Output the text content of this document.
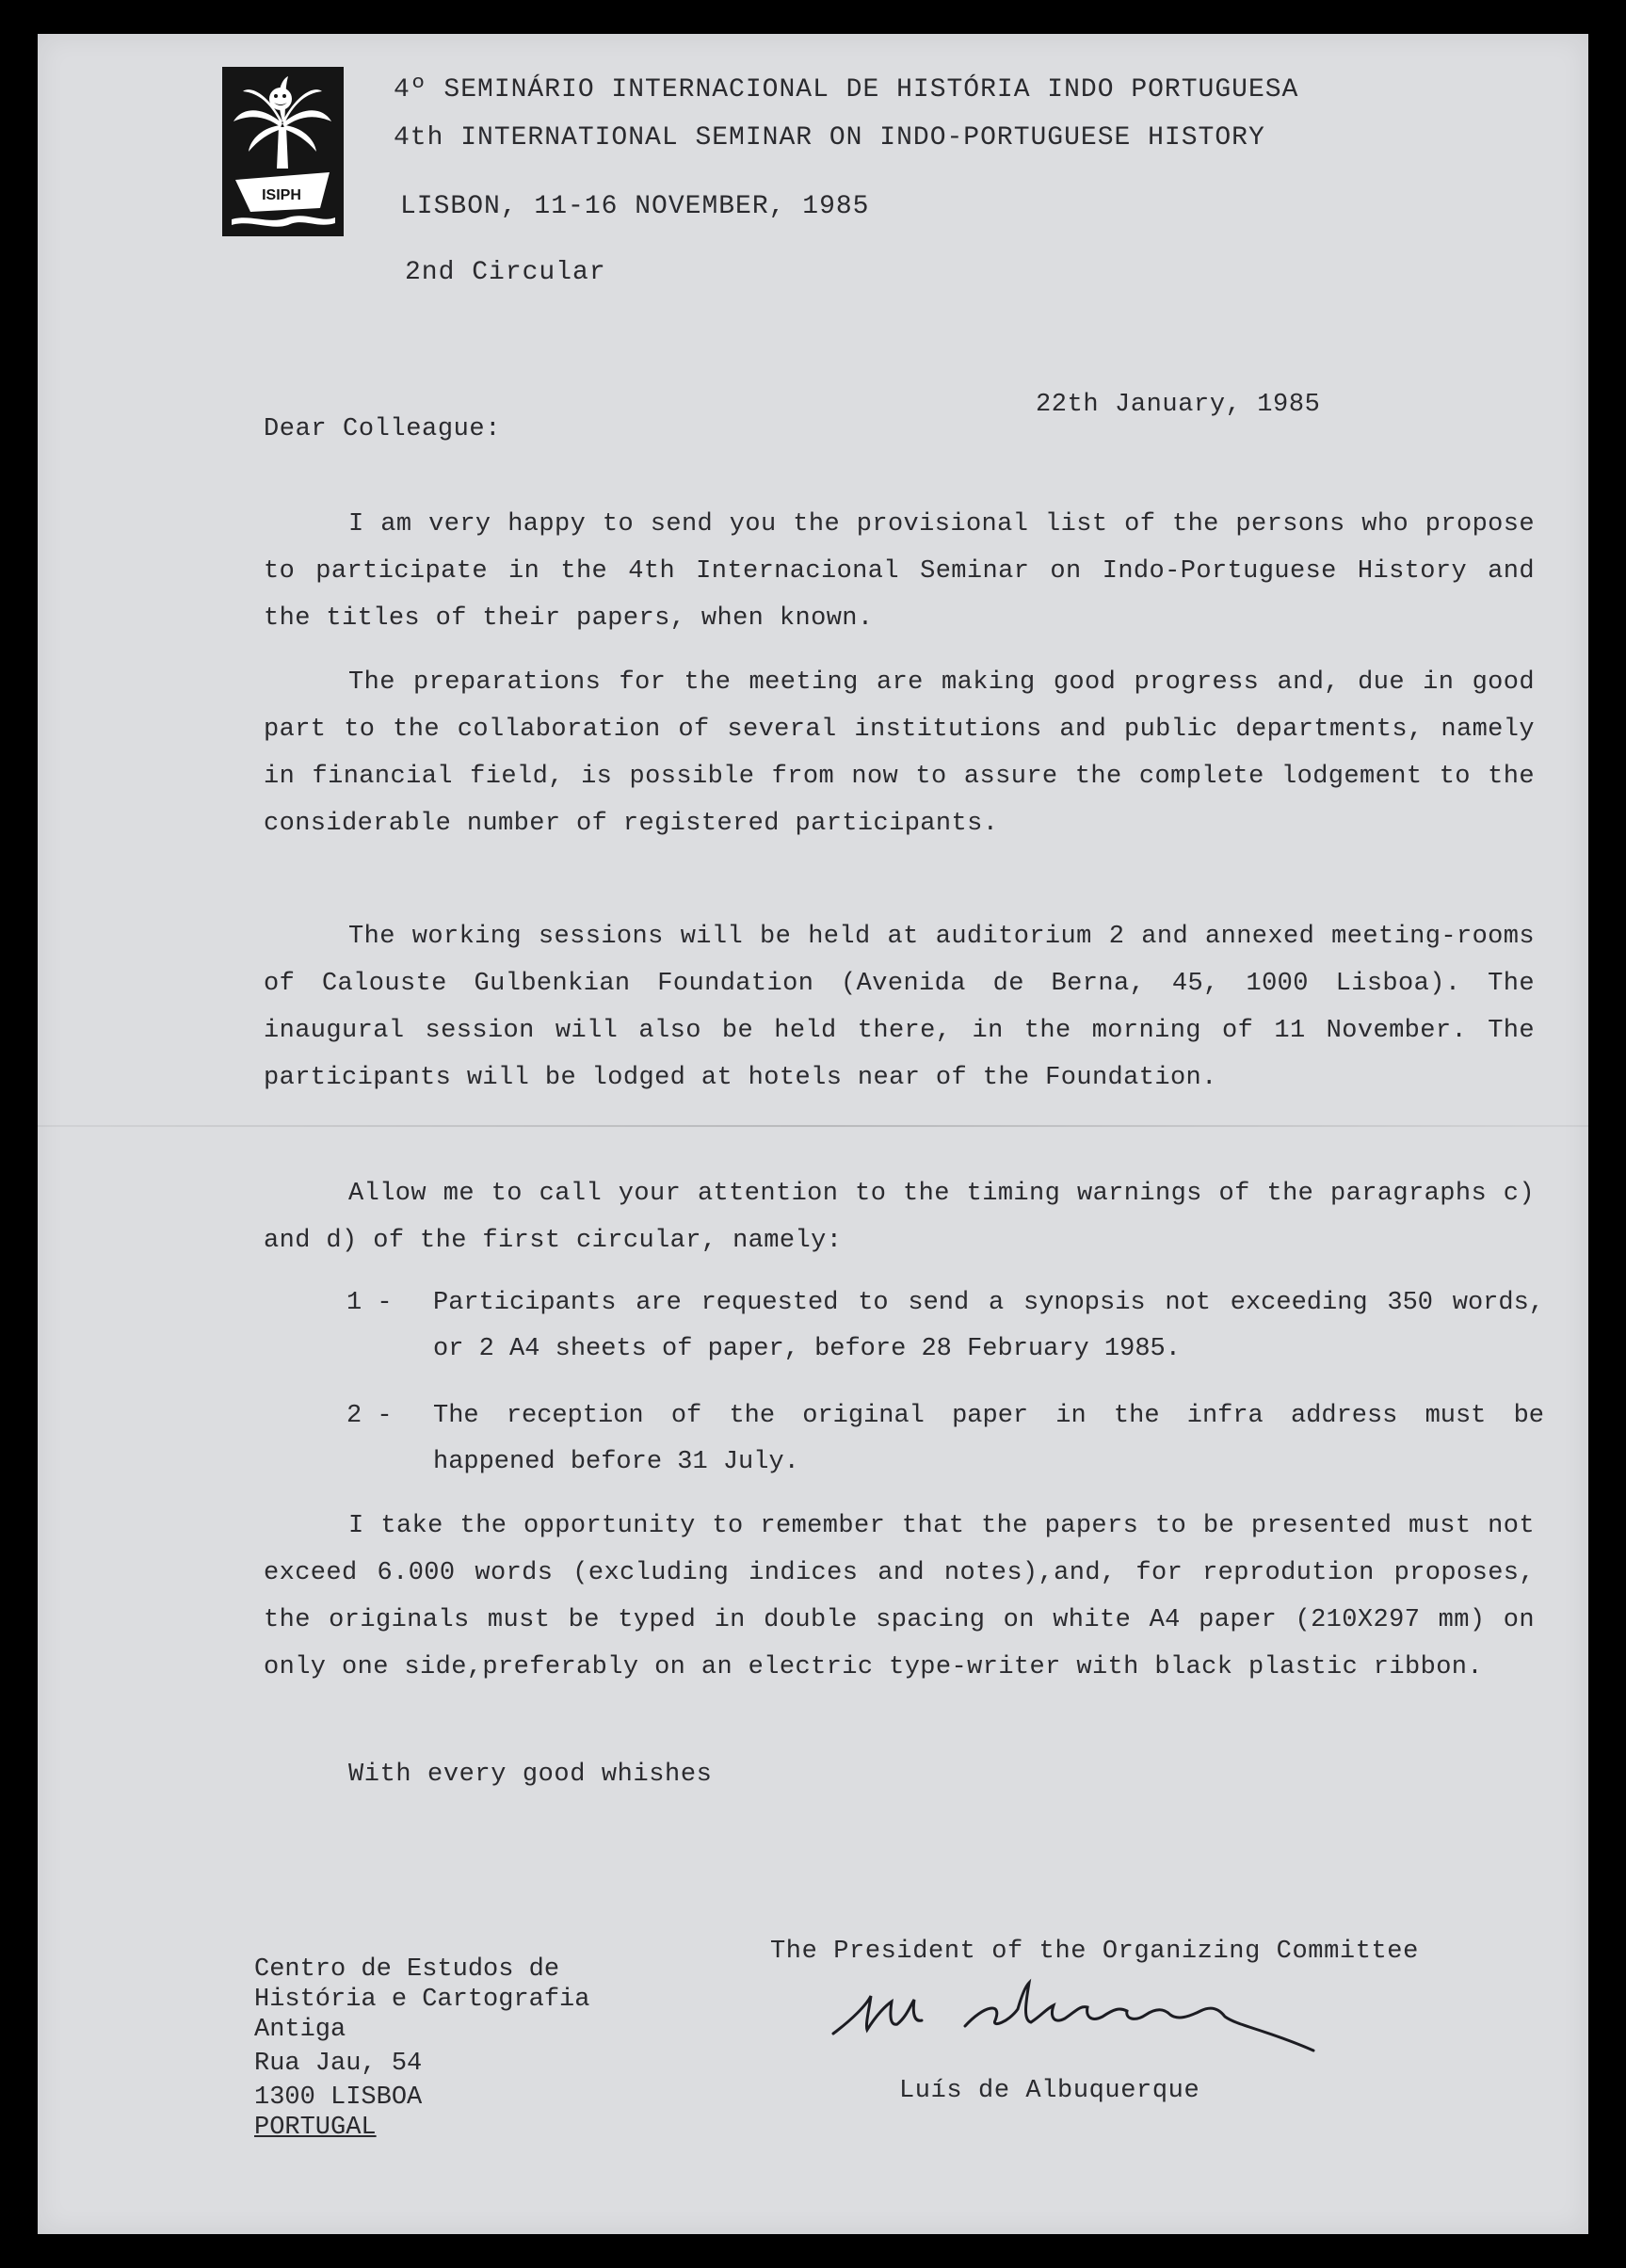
ISIPH
4º SEMINÁRIO INTERNACIONAL DE HISTÓRIA INDO PORTUGUESA
4th INTERNATIONAL SEMINAR ON INDO-PORTUGUESE HISTORY
LISBON, 11-16 NOVEMBER, 1985
2nd Circular
22th January, 1985
Dear Colleague:
I am very happy to send you the provisional list of the persons who propose to participate in the 4th Internacional Seminar on Indo-Portuguese History and the titles of their papers, when known.
The preparations for the meeting are making good progress and, due in good part to the collaboration of several institutions and public departments, namely in financial field, is possible from now to assure the complete lodgement to the considerable number of registered participants.
The working sessions will be held at auditorium 2 and annexed meeting-rooms of Calouste Gulbenkian Foundation (Avenida de Berna, 45, 1000 Lisboa). The inaugural session will also be held there, in the morning of 11 November. The participants will be lodged at hotels near of the Foundation.
Allow me to call your attention to the timing warnings of the paragraphs c) and d) of the first circular, namely:
1 -	Participants are requested to send a synopsis not exceeding 350 words, or 2 A4 sheets of paper, before 28 February 1985.
2 -	The reception of the original paper in the infra address must be happened before 31 July.
I take the opportunity to remember that the papers to be presented must not exceed 6.000 words (excluding indices and notes),and, for reprodution proposes, the originals must be typed in double spacing on white A4 paper (210X297 mm) on only one side,preferably on an electric type-writer with black plastic ribbon.
With every good whishes
The President of the Organizing Committee
Luís de Albuquerque
Centro de Estudos de
História e Cartografia
Antiga
Rua Jau, 54
1300 LISBOA
PORTUGAL
